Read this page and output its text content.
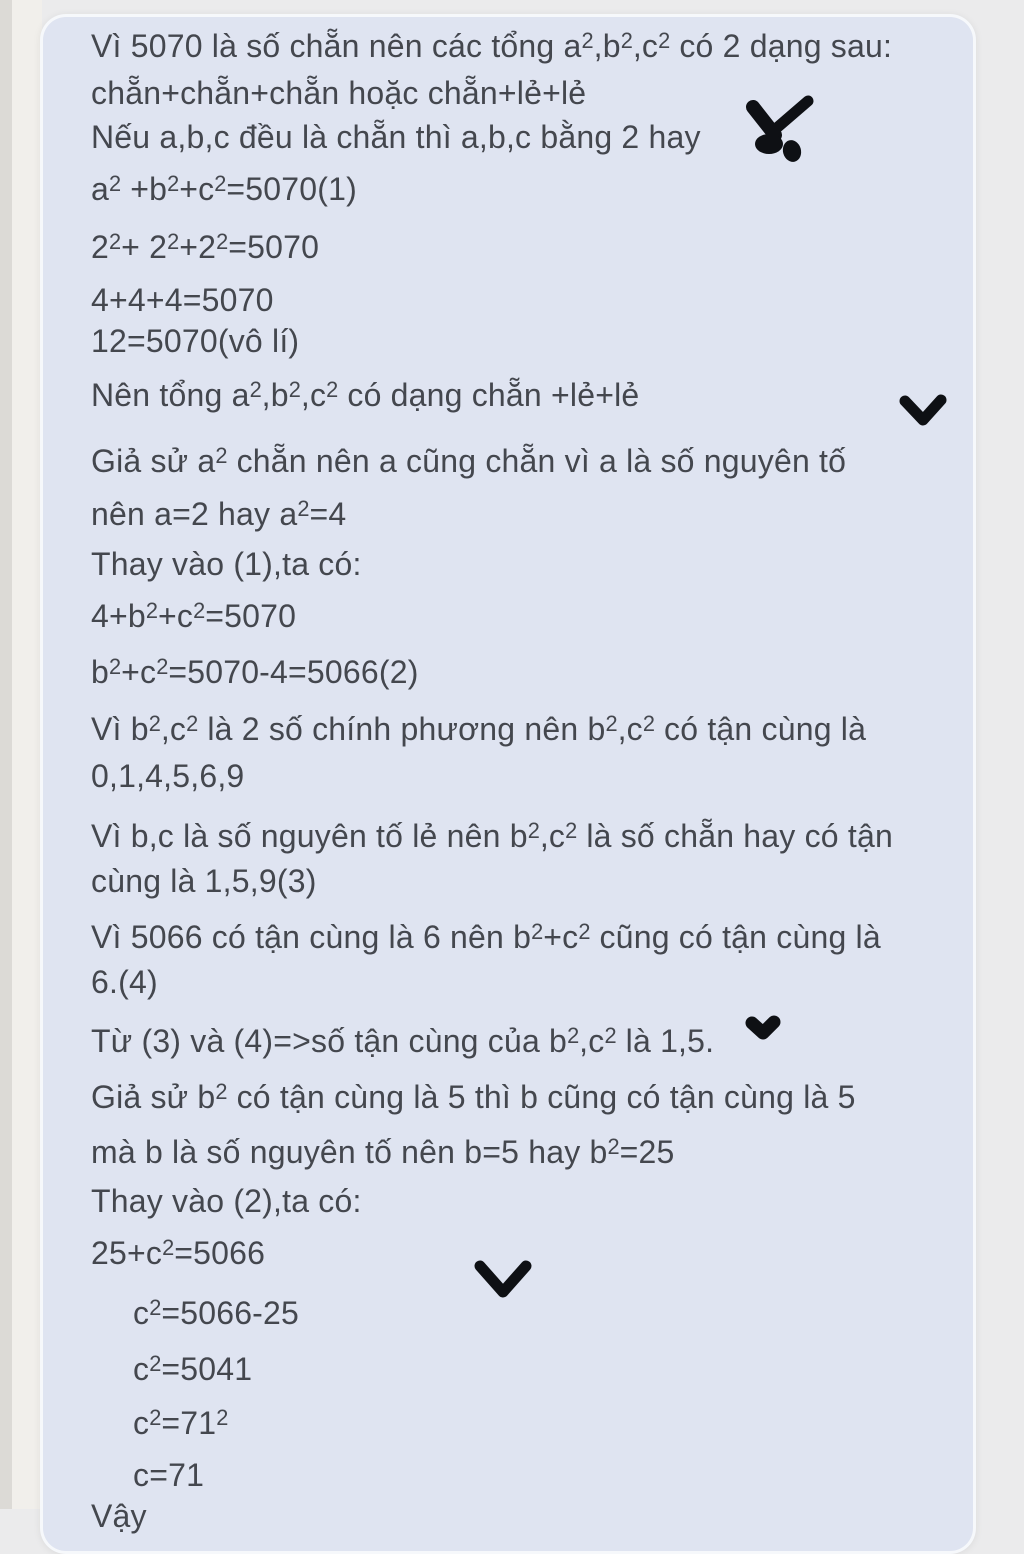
Vì 5070 là số chẵn nên các tổng $a^2,b^2,c^2$ có 2 dạng sau:
chẵn+chẵn+chẵn hoặc chẵn+lẻ+lẻ
Nếu a,b,c đều là chẵn thì a,b,c bằng 2 hay
$a^2 +b^2+c^2=5070(1)$
$2^2+ 2^2+2^2=5070$
4+4+4=5070
12=5070(vô lí)
Nên tổng $a^2,b^2,c^2$ có dạng chẵn +lẻ+lẻ
Giả sử $a^2$ chẵn nên a cũng chẵn vì a là số nguyên tố
nên a=2 hay $a^2=4$
Thay vào (1),ta có:
$4+b^2+c^2=5070$
$b^2+c^2=5070-4=5066(2)$
Vì $b^2,c^2$ là 2 số chính phương nên $b^2,c^2$ có tận cùng là
0,1,4,5,6,9
Vì b,c là số nguyên tố lẻ nên $b^2,c^2$ là số chẵn hay có tận
cùng là 1,5,9(3)
Vì 5066 có tận cùng là 6 nên $b^2+c^2$ cũng có tận cùng là
6.(4)
Từ (3) và (4)=>số tận cùng của $b^2,c^2$ là 1,5.
Giả sử $b^2$ có tận cùng là 5 thì b cũng có tận cùng là 5
mà b là số nguyên tố nên b=5 hay $b^2=25$
Thay vào (2),ta có:
$25+c^2=5066$
$c^2=5066-25$
$c^2=5041$
$c^2=71^2$
c=71
Vậy
